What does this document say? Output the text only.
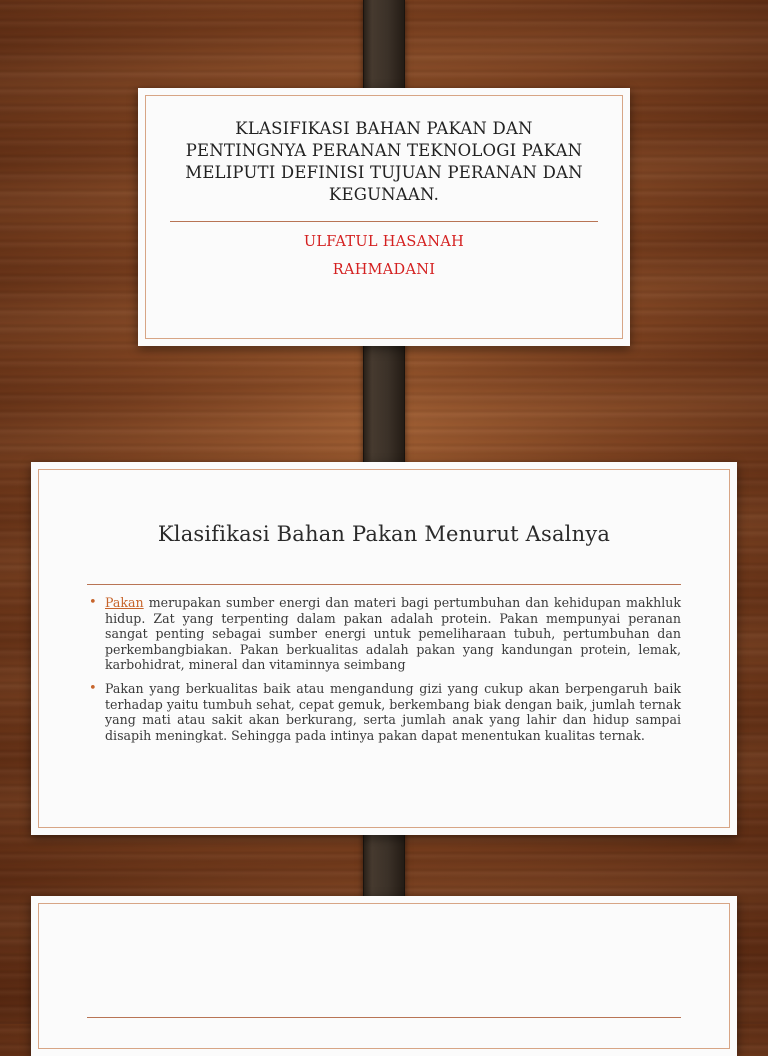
KLASIFIKASI BAHAN PAKAN DAN PENTINGNYA PERANAN TEKNOLOGI PAKAN MELIPUTI DEFINISI TUJUAN PERANAN DAN KEGUNAAN.
ULFATUL HASANAH
RAHMADANI
Klasifikasi Bahan Pakan Menurut Asalnya
• Pakan merupakan sumber energi dan materi bagi pertumbuhan dan kehidupan makhluk hidup. Zat yang terpenting dalam pakan adalah protein. Pakan mempunyai peranan sangat penting sebagai sumber energi untuk pemeliharaan tubuh, pertumbuhan dan perkembangbiakan. Pakan berkualitas adalah pakan yang kandungan protein, lemak, karbohidrat, mineral dan vitaminnya seimbang
• Pakan yang berkualitas baik atau mengandung gizi yang cukup akan berpengaruh baik terhadap yaitu tumbuh sehat, cepat gemuk, berkembang biak dengan baik, jumlah ternak yang mati atau sakit akan berkurang, serta jumlah anak yang lahir dan hidup sampai disapih meningkat. Sehingga pada intinya pakan dapat menentukan kualitas ternak.
